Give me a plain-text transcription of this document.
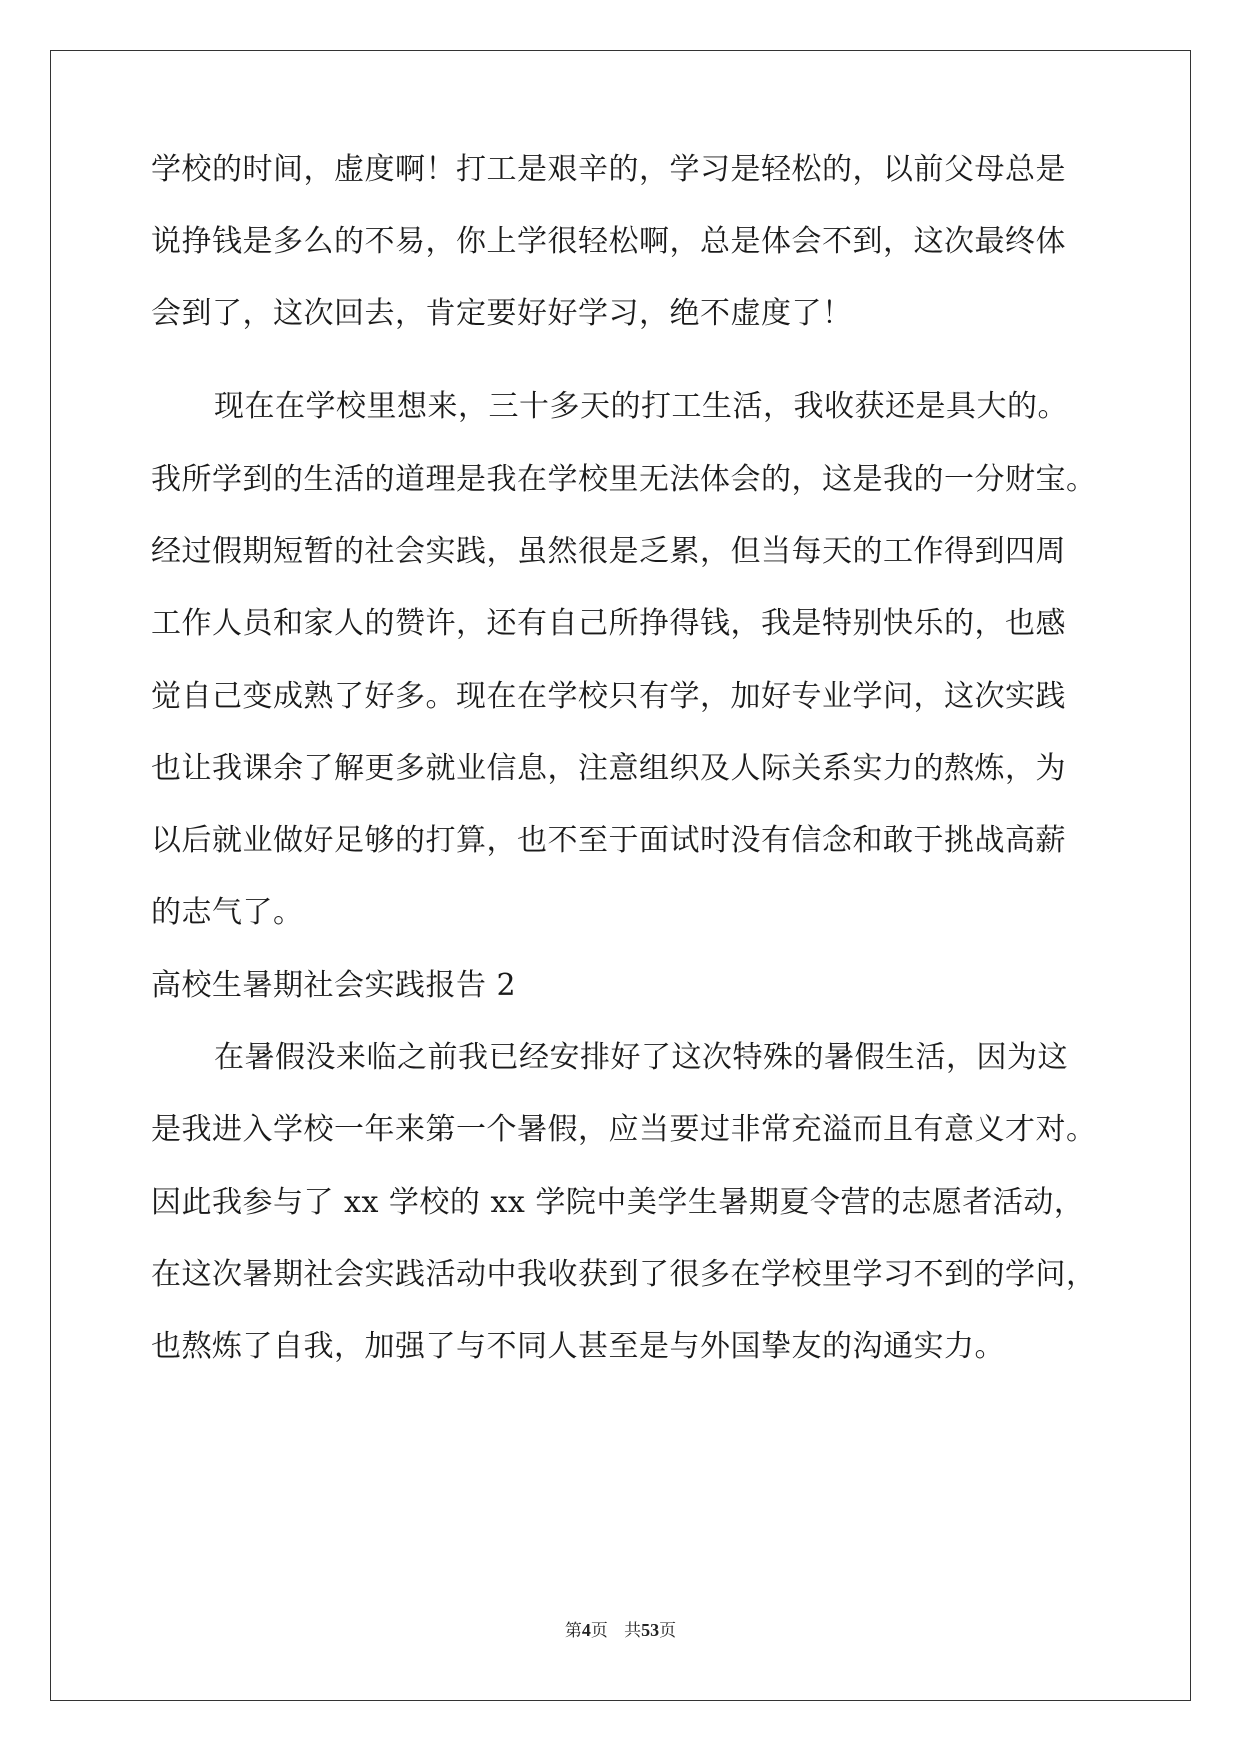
学校的时间，虚度啊！打工是艰辛的，学习是轻松的，以前父母总是
说挣钱是多么的不易，你上学很轻松啊，总是体会不到，这次最终体
会到了，这次回去，肯定要好好学习，绝不虚度了！
现在在学校里想来，三十多天的打工生活，我收获还是具大的。
我所学到的生活的道理是我在学校里无法体会的，这是我的一分财宝。
经过假期短暂的社会实践，虽然很是乏累，但当每天的工作得到四周
工作人员和家人的赞许，还有自己所挣得钱，我是特别快乐的，也感
觉自己变成熟了好多。现在在学校只有学，加好专业学问，这次实践
也让我课余了解更多就业信息，注意组织及人际关系实力的熬炼，为
以后就业做好足够的打算，也不至于面试时没有信念和敢于挑战高薪
的志气了。
高校生暑期社会实践报告 2
在暑假没来临之前我已经安排好了这次特殊的暑假生活，因为这
是我进入学校一年来第一个暑假，应当要过非常充溢而且有意义才对。
因此我参与了 xx 学校的 xx 学院中美学生暑期夏令营的志愿者活动，
在这次暑期社会实践活动中我收获到了很多在学校里学习不到的学问，
也熬炼了自我，加强了与不同人甚至是与外国挚友的沟通实力。
第4页 共53页
